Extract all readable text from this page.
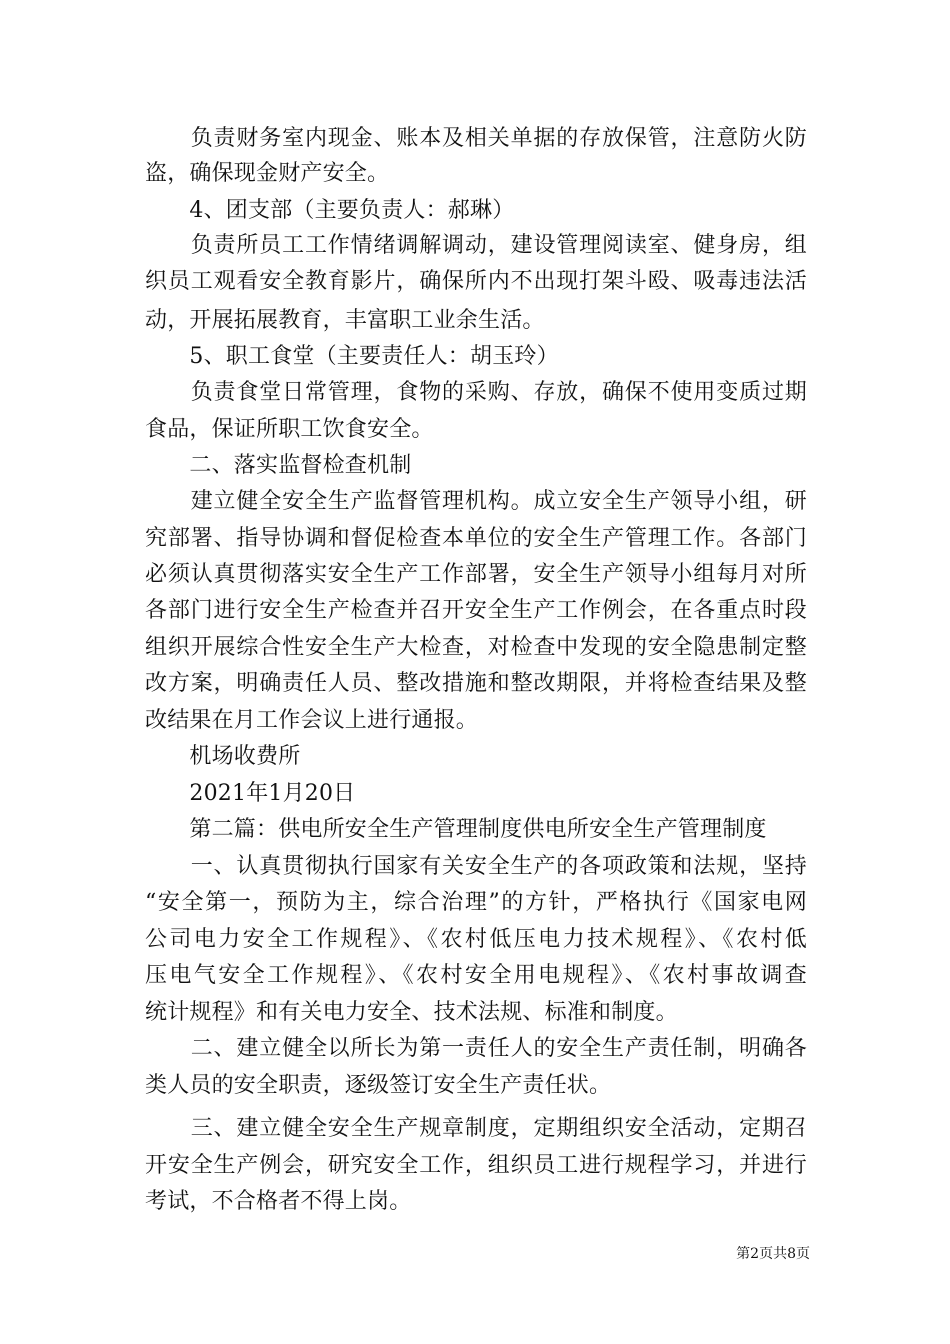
　　负责财务室内现金、账本及相关单据的存放保管，注意防火防
盗，确保现金财产安全。
　　4、团支部（主要负责人：郝琳）
　　负责所员工工作情绪调解调动，建设管理阅读室、健身房，组
织员工观看安全教育影片，确保所内不出现打架斗殴、吸毒违法活
动，开展拓展教育，丰富职工业余生活。
　　5、职工食堂（主要责任人：胡玉玲）
　　负责食堂日常管理，食物的采购、存放，确保不使用变质过期
食品，保证所职工饮食安全。
　　二、落实监督检查机制
　　建立健全安全生产监督管理机构。成立安全生产领导小组，研
究部署、指导协调和督促检查本单位的安全生产管理工作。各部门
必须认真贯彻落实安全生产工作部署，安全生产领导小组每月对所
各部门进行安全生产检查并召开安全生产工作例会，在各重点时段
组织开展综合性安全生产大检查，对检查中发现的安全隐患制定整
改方案，明确责任人员、整改措施和整改期限，并将检查结果及整
改结果在月工作会议上进行通报。
　　机场收费所
　　2021年1月20日
　　第二篇：供电所安全生产管理制度供电所安全生产管理制度
　　一、认真贯彻执行国家有关安全生产的各项政策和法规，坚持
“安全第一，预防为主，综合治理”的方针，严格执行《国家电网
公司电力安全工作规程》、《农村低压电力技术规程》、《农村低
压电气安全工作规程》、《农村安全用电规程》、《农村事故调查
统计规程》和有关电力安全、技术法规、标准和制度。
　　二、建立健全以所长为第一责任人的安全生产责任制，明确各
类人员的安全职责，逐级签订安全生产责任状。
　　三、建立健全安全生产规章制度，定期组织安全活动，定期召
开安全生产例会，研究安全工作，组织员工进行规程学习，并进行
考试，不合格者不得上岗。
第2页共8页
